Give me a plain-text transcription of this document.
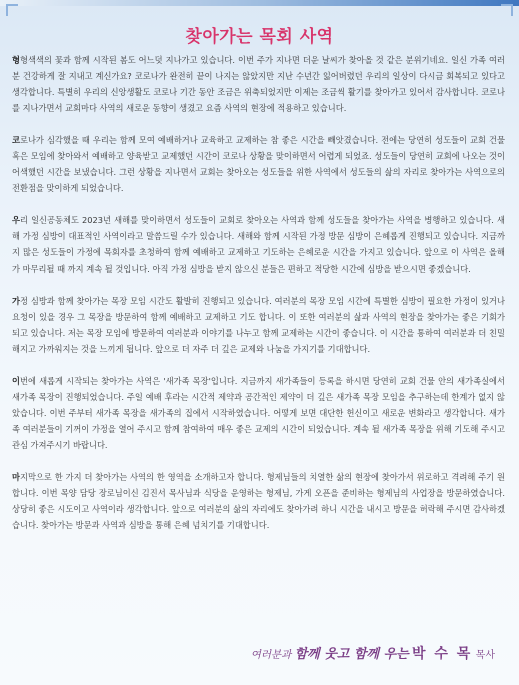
찾아가는 목회 사역

형형색색의 꽃과 함께 시작된 봄도 어느덧 지나가고 있습니다. 이번 주가 지나면 더운 날씨가 찾아올 것 같은 분위기네요. 일신 가족 여러분 건강하게 잘 지내고 계신가요? 코로나가 완전히 끝이 나지는 않았지만 지난 수년간 잃어버렸던 우리의 일상이 다시금 회복되고 있다고 생각합니다. 특별히 우리의 신앙생활도 코로나 기간 동안 조금은 위축되었지만 이제는 조금씩 활기를 찾아가고 있어서 감사합니다. 코로나를 지나가면서 교회마다 사역의 새로운 동향이 생겼고 요즘 사역의 현장에 적용하고 있습니다.

코로나가 심각했을 때 우리는 함께 모여 예배하거나 교육하고 교제하는 참 좋은 시간을 빼앗겼습니다. 전에는 당연히 성도들이 교회 건물 혹은 모임에 찾아와서 예배하고 양육받고 교제했던 시간이 코로나 상황을 맞이하면서 어렵게 되었죠. 성도들이 당연히 교회에 나오는 것이 어색했던 시간을 보냈습니다. 그런 상황을 지나면서 교회는 찾아오는 성도들을 위한 사역에서 성도들의 삶의 자리로 찾아가는 사역으로의 전환점을 맞이하게 되었습니다.

우리 일신공동체도 2023년 새해를 맞이하면서 성도들이 교회로 찾아오는 사역과 함께 성도들을 찾아가는 사역을 병행하고 있습니다. 새해 가정 심방이 대표적인 사역이라고 말씀드릴 수가 있습니다. 새해와 함께 시작된 가정 방문 심방이 은혜롭게 진행되고 있습니다. 지금까지 많은 성도들이 가정에 목회자를 초청하여 함께 예배하고 교제하고 기도하는 은혜로운 시간을 가지고 있습니다. 앞으로 이 사역은 올해가 마무리될 때 까지 계속 될 것입니다. 아직 가정 심방을 받지 않으신 분들은 편하고 적당한 시간에 심방을 받으시면 좋겠습니다.

가정 심방과 함께 찾아가는 목장 모임 시간도 활발히 진행되고 있습니다. 여러분의 목장 모임 시간에 특별한 심방이 필요한 가정이 있거나 요청이 있을 경우 그 목장을 방문하여 함께 예배하고 교제하고 기도 합니다. 이 또한 여러분의 삶과 사역의 현장을 찾아가는 좋은 기회가 되고 있습니다. 저는 목장 모임에 방문하여 여러분과 이야기를 나누고 함께 교제하는 시간이 좋습니다. 이 시간을 통하여 여러분과 더 친밀해지고 가까워지는 것을 느끼게 됩니다. 앞으로 더 자주 더 깊은 교제와 나눔을 가지기를 기대합니다.

이번에 새롭게 시작되는 찾아가는 사역은 '새가족 목장'입니다. 지금까지 새가족들이 등록을 하시면 당연히 교회 건물 안의 새가족실에서 새가족 목장이 진행되었습니다. 주일 예배 후라는 시간적 제약과 공간적인 제약이 더 깊은 새가족 목장 모임을 추구하는데 한계가 없지 않았습니다. 이번 주부터 새가족 목장을 새가족의 집에서 시작하였습니다. 어떻게 보면 대단한 헌신이고 새로운 변화라고 생각합니다. 새가족 여러분들이 기꺼이 가정을 열어 주시고 함께 참여하여 매우 좋은 교제의 시간이 되었습니다. 계속 될 새가족 목장을 위해 기도해 주시고 관심 가져주시기 바랍니다.

마지막으로 한 가지 더 찾아가는 사역의 한 영역을 소개하고자 합니다. 형제님들의 치열한 삶의 현장에 찾아가서 위로하고 격려해 주기 원합니다. 이번 목양 담당 장로님이신 김진서 목사님과 식당을 운영하는 형제님, 가게 오픈을 준비하는 형제님의 사업장을 방문하였습니다. 상당히 좋은 시도이고 사역이라 생각합니다. 앞으로 여러분의 삶의 자리에도 찾아가려 하니 시간을 내시고 방문을 허락해 주시면 감사하겠습니다. 찾아가는 방문과 사역과 심방을 통해 은혜 넘치기를 기대합니다.

여러분과 함께 웃고 함께 우는 박 수 목 목사
